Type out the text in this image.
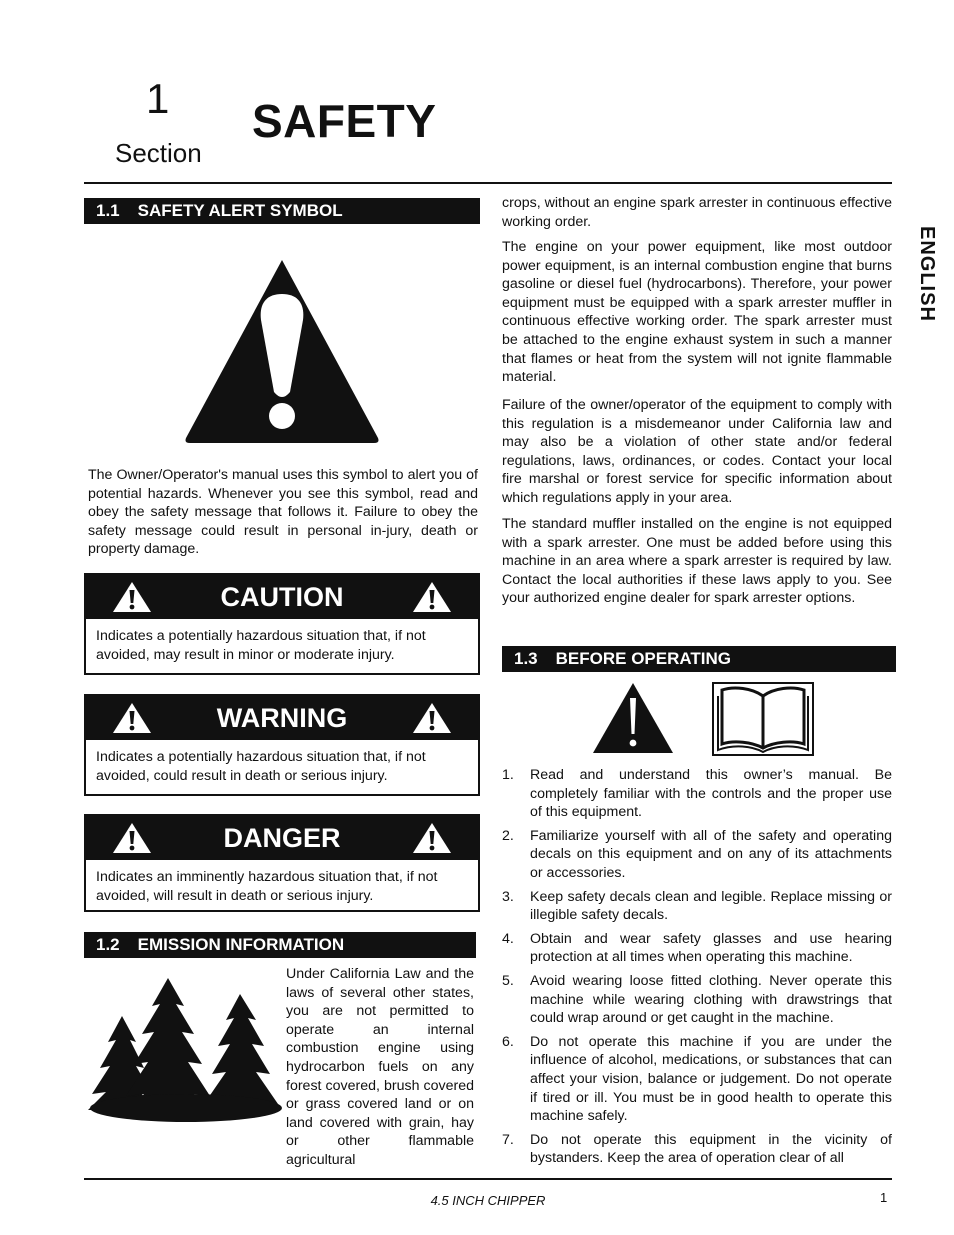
1
Section
SAFETY
ENGLISH
1.1 SAFETY ALERT SYMBOL
The Owner/Operator's manual uses this symbol to alert you of potential hazards. Whenever you see this symbol, read and obey the safety message that follows it. Failure to obey the safety message could result in personal in-jury, death or property damage.
CAUTION
Indicates a potentially hazardous situation that, if not avoided, may result in minor or moderate injury.
WARNING
Indicates a potentially hazardous situation that, if not avoided, could result in death or serious injury.
DANGER
Indicates an imminently hazardous situation that, if not avoided, will result in death or serious injury.
1.2 EMISSION INFORMATION
Under California Law and the laws of several other states, you are not permitted to operate an internal combustion engine using hydrocarbon fuels on any forest covered, brush covered or grass covered land or on land covered with grain, hay or other flammable agricultural
crops, without an engine spark arrester in continuous effective working order.
The engine on your power equipment, like most outdoor power equipment, is an internal combustion engine that burns gasoline or diesel fuel (hydrocarbons). Therefore, your power equipment must be equipped with a spark arrester muffler in continuous effective working order. The spark arrester must be attached to the engine exhaust system in such a manner that flames or heat from the system will not ignite flammable material.
Failure of the owner/operator of the equipment to comply with this regulation is a misdemeanor under California law and may also be a violation of other state and/or federal regulations, laws, ordinances, or codes. Contact your local fire marshal or forest service for specific information about which regulations apply in your area.
The standard muffler installed on the engine is not equipped with a spark arrester. One must be added before using this machine in an area where a spark arrester is required by law. Contact the local authorities if these laws apply to you. See your authorized engine dealer for spark arrester options.
1.3 BEFORE OPERATING
1. Read and understand this owner’s manual. Be completely familiar with the controls and the proper use of this equipment.
2. Familiarize yourself with all of the safety and operating decals on this equipment and on any of its attachments or accessories.
3. Keep safety decals clean and legible. Replace missing or illegible safety decals.
4. Obtain and wear safety glasses and use hearing protection at all times when operating this machine.
5. Avoid wearing loose fitted clothing. Never operate this machine while wearing clothing with drawstrings that could wrap around or get caught in the machine.
6. Do not operate this machine if you are under the influence of alcohol, medications, or substances that can affect your vision, balance or judgement. Do not operate if tired or ill. You must be in good health to operate this machine safely.
7. Do not operate this equipment in the vicinity of bystanders. Keep the area of operation clear of all
4.5 INCH CHIPPER	1
